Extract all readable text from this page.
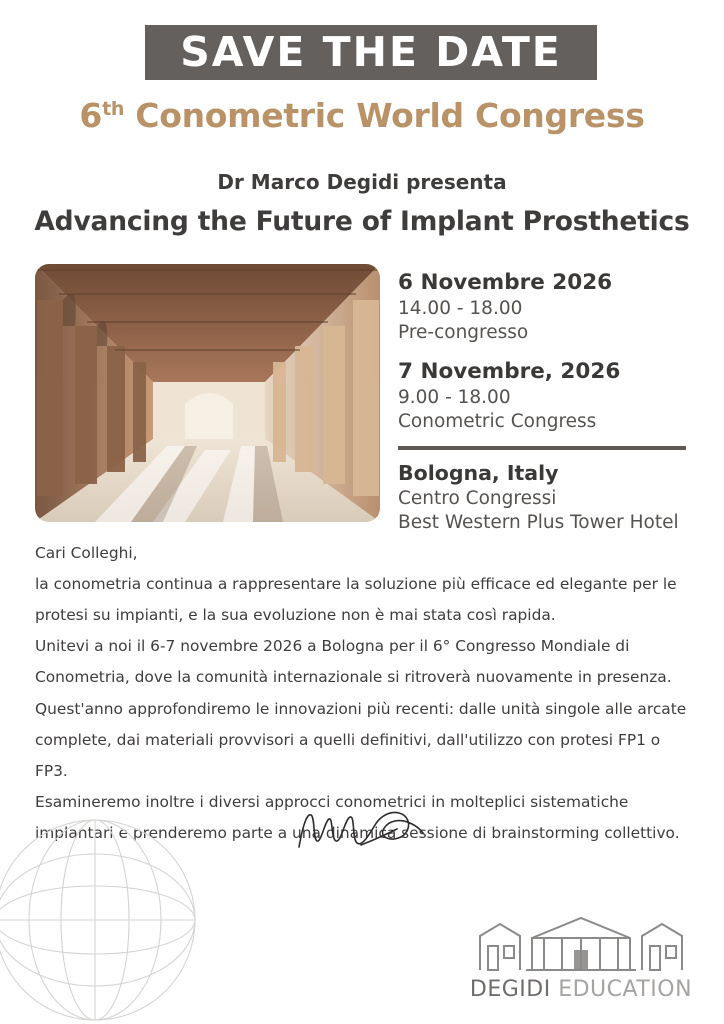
SAVE THE DATE
6th Conometric World Congress
Dr Marco Degidi presenta
Advancing the Future of Implant Prosthetics
6 Novembre 2026
14.00 - 18.00
Pre-congresso
7 Novembre, 2026
9.00 - 18.00
Conometric Congress
Bologna, Italy
Centro Congressi
Best Western Plus Tower Hotel

Cari Colleghi,

la conometria continua a rappresentare la soluzione più efficace ed elegante per le protesi su impianti, e la sua evoluzione non è mai stata così rapida.

Unitevi a noi il 6-7 novembre 2026 a Bologna per il 6° Congresso Mondiale di Conometria, dove la comunità internazionale si ritroverà nuovamente in presenza.

Quest'anno approfondiremo le innovazioni più recenti: dalle unità singole alle arcate complete, dai materiali provvisori a quelli definitivi, dall'utilizzo con protesi FP1 o FP3.

Esamineremo inoltre i diversi approcci conometrici in molteplici sistematiche implantari e prenderemo parte a una dinamica sessione di brainstorming collettivo.

DEGIDI EDUCATION
